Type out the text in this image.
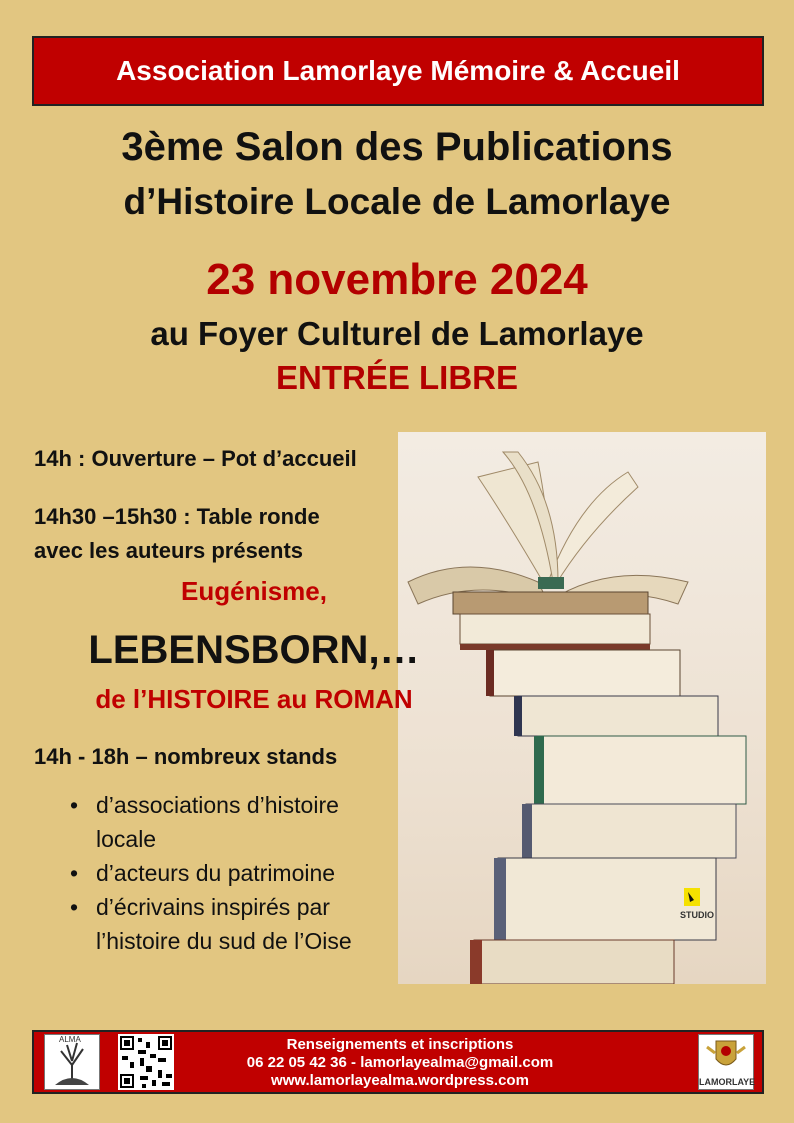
Association Lamorlaye Mémoire & Accueil
3ème Salon des Publications
d’Histoire Locale de Lamorlaye
23 novembre 2024
au Foyer Culturel de Lamorlaye
ENTRÉE LIBRE
STUDIO
14h : Ouverture – Pot d’accueil
14h30 –15h30 : Table ronde
avec les auteurs présents
Eugénisme,
LEBENSBORN,…
de l’HISTOIRE au ROMAN
14h - 18h – nombreux stands
• d’associations d’histoire
locale
• d’acteurs du patrimoine
• d’écrivains inspirés par
l’histoire du sud de l’Oise
ALMA	Renseignements et inscriptions
06 22 05 42 36 - lamorlayealma@gmail.com
www.lamorlayealma.wordpress.com	LAMORLAYE
